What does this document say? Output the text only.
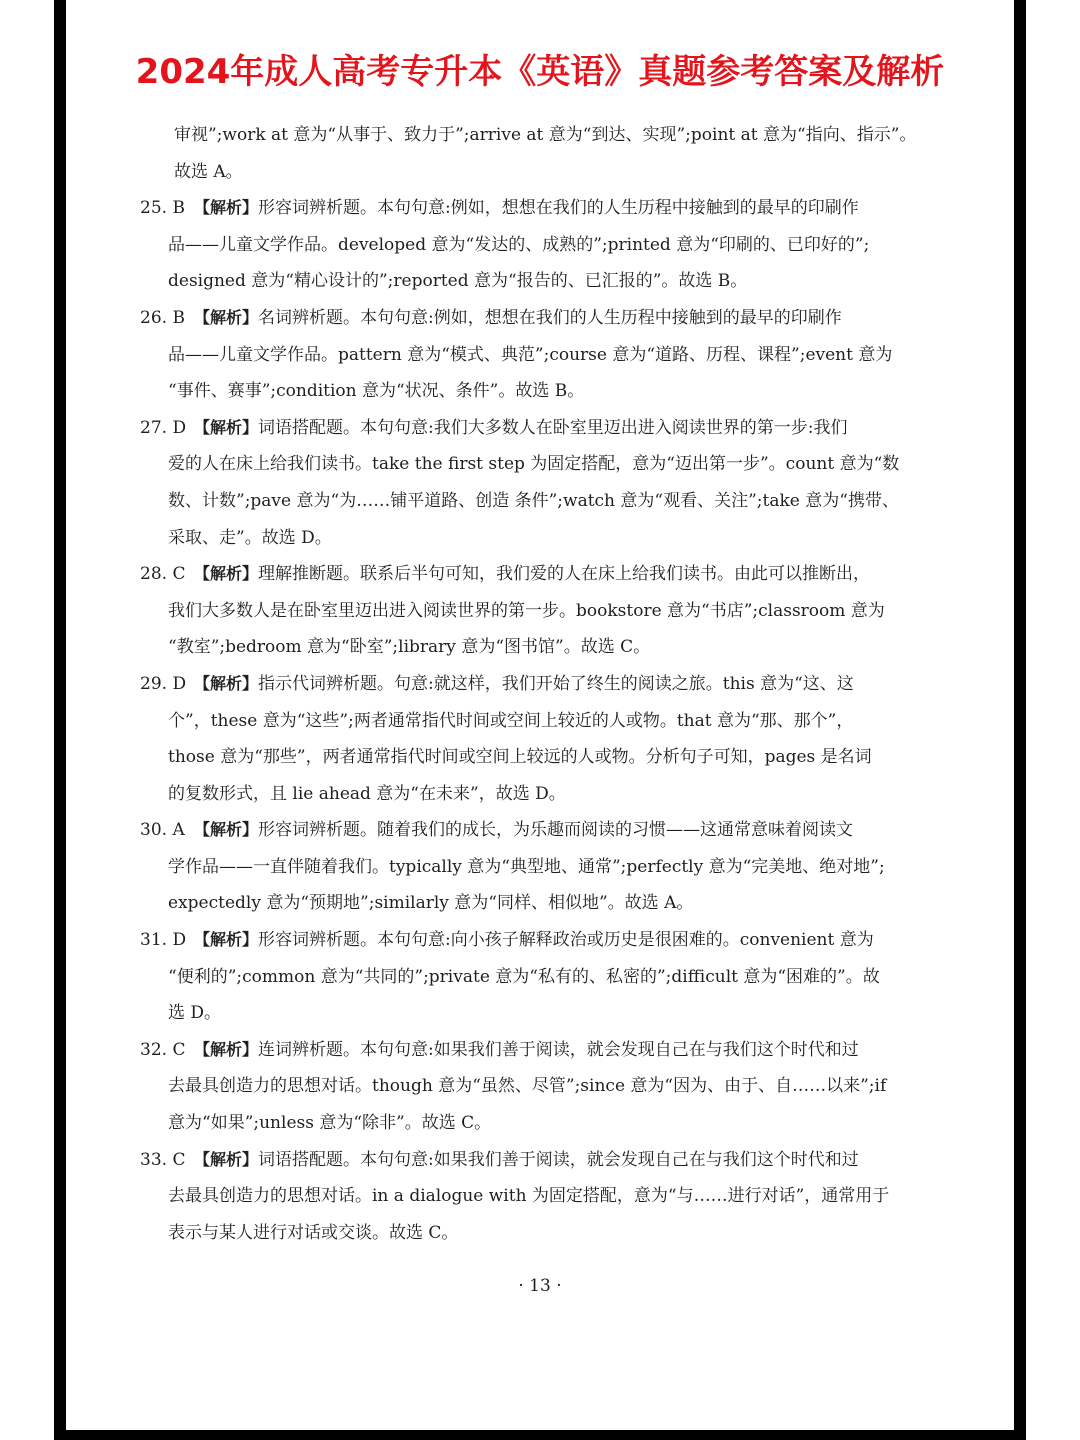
2024年成人高考专升本《英语》真题参考答案及解析
审视”;work at 意为“从事于、致力于”;arrive at 意为“到达、实现”;point at 意为“指向、指示”。
故选 A。
25. B 【解析】形容词辨析题。本句句意:例如，想想在我们的人生历程中接触到的最早的印刷作
品——儿童文学作品。developed 意为“发达的、成熟的”;printed 意为“印刷的、已印好的”;
designed 意为“精心设计的”;reported 意为“报告的、已汇报的”。故选 B。
26. B 【解析】名词辨析题。本句句意:例如，想想在我们的人生历程中接触到的最早的印刷作
品——儿童文学作品。pattern 意为“模式、典范”;course 意为“道路、历程、课程”;event 意为
“事件、赛事”;condition 意为“状况、条件”。故选 B。
27. D 【解析】词语搭配题。本句句意:我们大多数人在卧室里迈出进入阅读世界的第一步:我们
爱的人在床上给我们读书。take the first step 为固定搭配，意为“迈出第一步”。count 意为“数
数、计数”;pave 意为“为……铺平道路、创造 条件”;watch 意为“观看、关注”;take 意为“携带、
采取、走”。故选 D。
28. C 【解析】理解推断题。联系后半句可知，我们爱的人在床上给我们读书。由此可以推断出，
我们大多数人是在卧室里迈出进入阅读世界的第一步。bookstore 意为“书店”;classroom 意为
“教室”;bedroom 意为“卧室”;library 意为“图书馆”。故选 C。
29. D 【解析】指示代词辨析题。句意:就这样，我们开始了终生的阅读之旅。this 意为“这、这
个”，these 意为“这些”;两者通常指代时间或空间上较近的人或物。that 意为“那、那个”，
those 意为“那些”，两者通常指代时间或空间上较远的人或物。分析句子可知，pages 是名词
的复数形式，且 lie ahead 意为“在未来”，故选 D。
30. A 【解析】形容词辨析题。随着我们的成长，为乐趣而阅读的习惯——这通常意味着阅读文
学作品——一直伴随着我们。typically 意为“典型地、通常”;perfectly 意为“完美地、绝对地”;
expectedly 意为“预期地”;similarly 意为“同样、相似地”。故选 A。
31. D 【解析】形容词辨析题。本句句意:向小孩子解释政治或历史是很困难的。convenient 意为
“便利的”;common 意为“共同的”;private 意为“私有的、私密的”;difficult 意为“困难的”。故
选 D。
32. C 【解析】连词辨析题。本句句意:如果我们善于阅读，就会发现自己在与我们这个时代和过
去最具创造力的思想对话。though 意为“虽然、尽管”;since 意为“因为、由于、自……以来”;if
意为“如果”;unless 意为“除非”。故选 C。
33. C 【解析】词语搭配题。本句句意:如果我们善于阅读，就会发现自己在与我们这个时代和过
去最具创造力的思想对话。in a dialogue with 为固定搭配，意为“与……进行对话”，通常用于
表示与某人进行对话或交谈。故选 C。
· 13 ·
